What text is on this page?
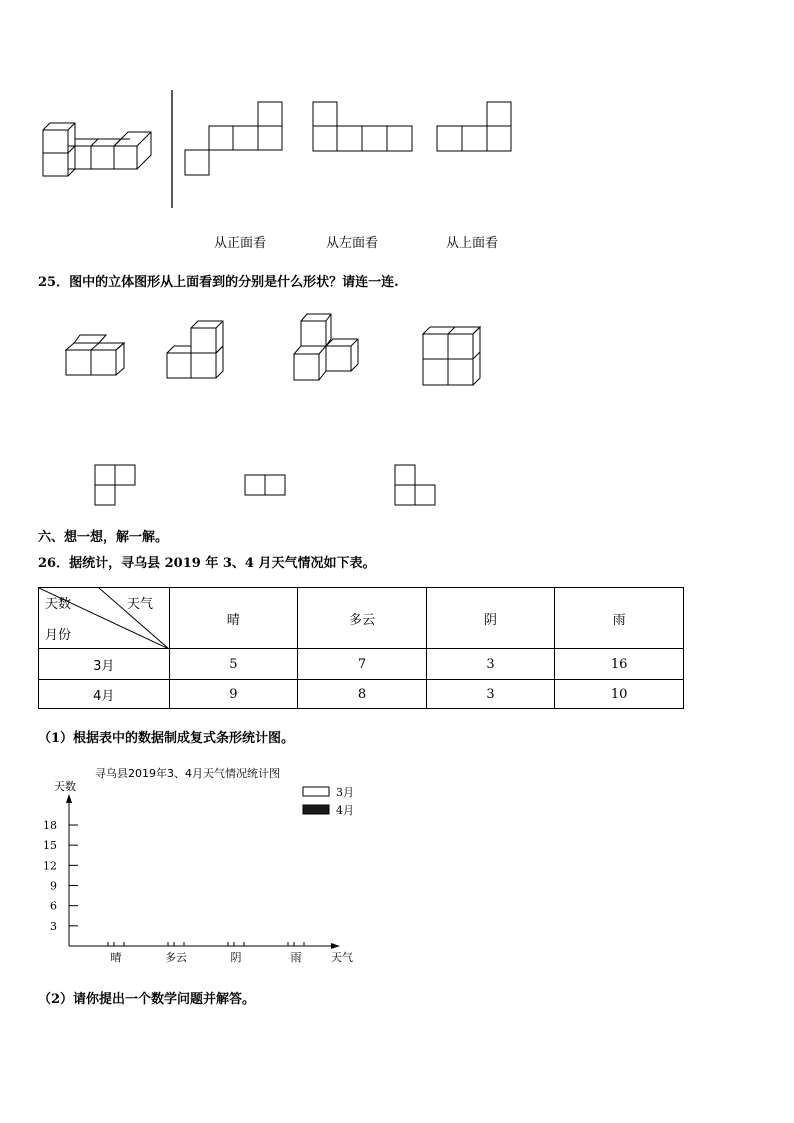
从正面看	从左面看	从上面看
25．图中的立体图形从上面看到的分别是什么形状？请连一连.
六、想一想，解一解。
26．据统计，寻乌县 2019 年 3、4 月天气情况如下表。
天数 天气
月份	晴	多云	阴	雨
3月	5	7	3	16
4月	9	8	3	10
（1）根据表中的数据制成复式条形统计图。
寻乌县2019年3、4月天气情况统计图
天数
天气
3月
4月
3
6
9
12
15
18
晴	多云	阴	雨
（2）请你提出一个数学问题并解答。
